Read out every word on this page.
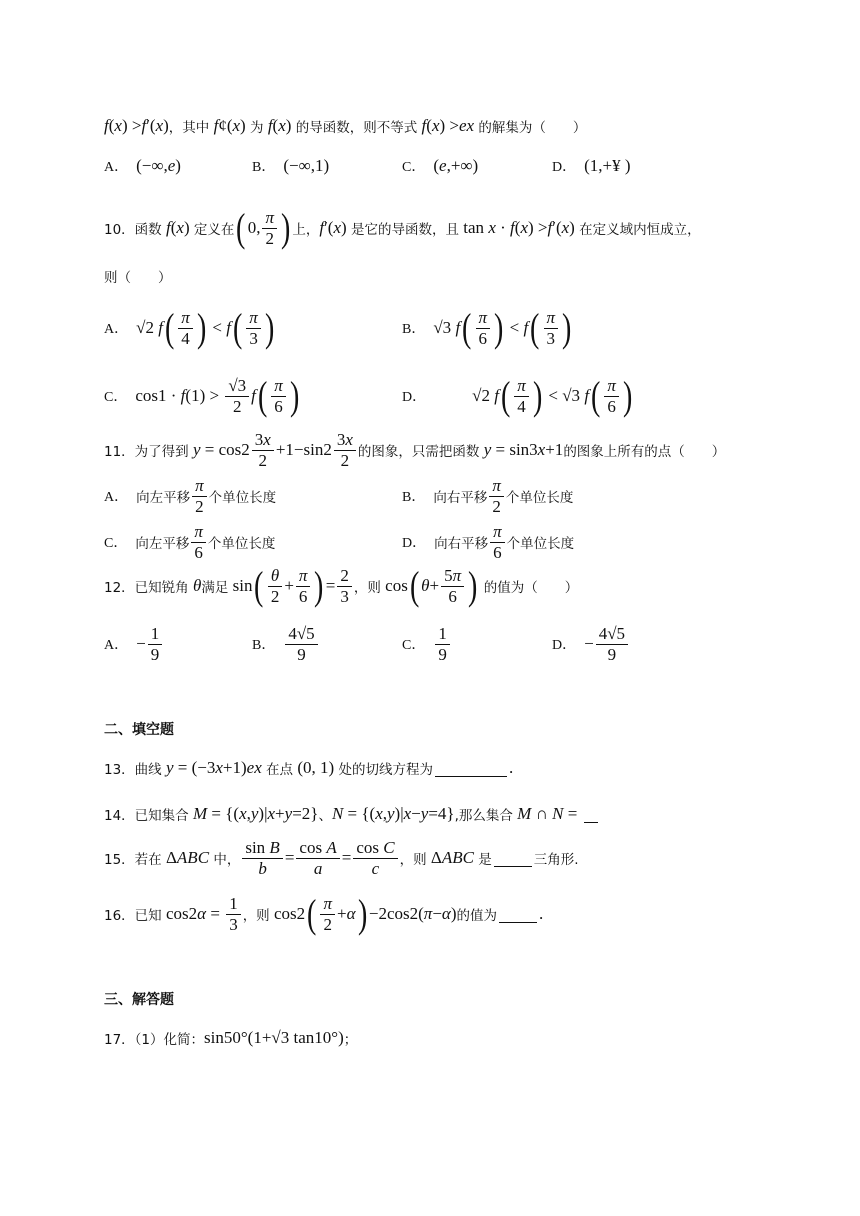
f ( x ) > f ′( x ) ，其中 f ¢( x ) 为 f ( x ) 的导函数，则不等式 f ( x ) > e x 的解集为（　　）
A． (−∞, e )	B． (−∞,1)	C． ( e ,+∞)	D． (1,+¥ )
10．函数 f ( x ) 定义在 ( 0, $\frac{\pi}{2}$ ) 上， f ′( x ) 是它的导函数，且 tan x · f ( x ) > f ′( x ) 在定义域内恒成立，
则（　　）
A． √2 f ( $\frac{\pi}{4}$ ) < f ( $\frac{\pi}{3}$ )	B． √3 f ( $\frac{\pi}{6}$ ) < f ( $\frac{\pi}{3}$ )
C． cos1 · f $(1) > \frac{√3}{2}$ f ( $\frac{\pi}{6}$ )	D．	√2 f ( $\frac{\pi}{4}$ ) < √3 f ( $\frac{\pi}{6}$ )
11．为了得到 $y = \cos 2 \frac{3x}{2} +1-\sin$ $2 \frac{3x}{2}$ 的图象，只需把函数 y = sin3 x +1 的图象上所有的点（　　）
A． 向左平移 $\frac{\pi}{2}$ 个单位长度	B． 向右平移 $\frac{\pi}{2}$ 个单位长度
C． 向左平移 $\frac{\pi}{6}$ 个单位长度	D． 向右平移 $\frac{\pi}{6}$ 个单位长度
12．已知锐角 θ 满足 sin ( $\frac{\theta}{2} + \frac{\pi}{6}$ ) = $\frac{2}{3}$ ，则 cos ( $\theta + \frac{5\pi}{6}$ ) 的值为（　　）
A． − $\frac{1}{9}$	B． $\frac{4√5}{9}$	C． $\frac{1}{9}$	D． − $\frac{4√5}{9}$
二、填空题
13．曲线 y = (−3 x +1) e x 在点 (0, 1) 处的切线方程为	.
14．已知集合 M = {( x , y )| x + y =2} 、 N = {( x , y )| x − y =4} ,那么集合 M ∩ N =
15．若在 Δ ABC 中， $\frac{\text{sin B}}{b} = \frac{\text{cos A}}{a} = \frac{\text{cos C}}{c}$ ，则 Δ ABC 是	三角形.
16．已知 cos2 $\alpha = \frac{1}{3}$ ，则 cos 2 ( $\frac{\pi}{2} + \alpha$ ) −2cos 2 ( π − α ) 的值为 .
三、解答题
17．（1）化简： sin50°(1+√3 tan10°) ；
